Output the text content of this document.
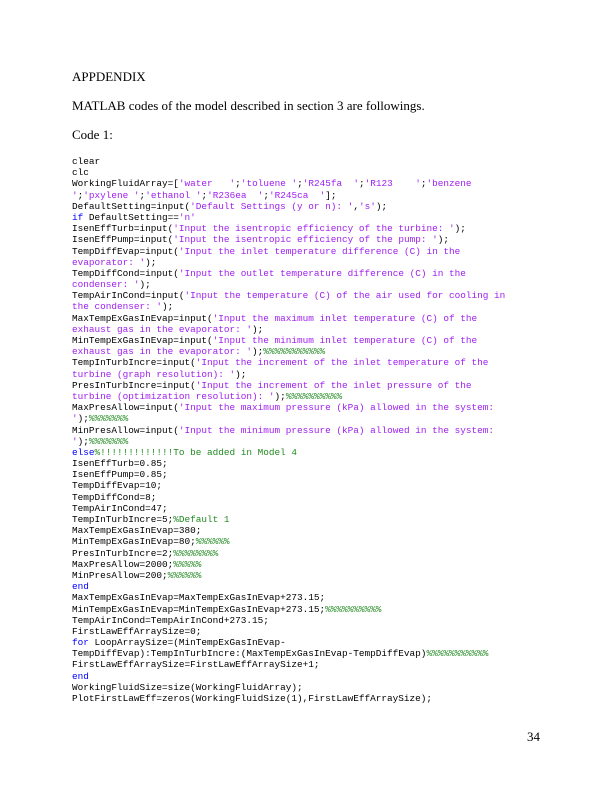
APPDENDIX
MATLAB codes of the model described in section 3 are followings.
Code 1:
clear
clc
WorkingFluidArray=['water   ';'toluene ';'R245fa  ';'R123    ';'benzene
';'pxylene ';'ethanol ';'R236ea  ';'R245ca  '];
DefaultSetting=input('Default Settings (y or n): ','s');
if DefaultSetting=='n'
IsenEffTurb=input('Input the isentropic efficiency of the turbine: ');
IsenEffPump=input('Input the isentropic efficiency of the pump: ');
TempDiffEvap=input('Input the inlet temperature difference (C) in the
evaporator: ');
TempDiffCond=input('Input the outlet temperature difference (C) in the
condenser: ');
TempAirInCond=input('Input the temperature (C) of the air used for cooling in
the condenser: ');
MaxTempExGasInEvap=input('Input the maximum inlet temperature (C) of the
exhaust gas in the evaporator: ');
MinTempExGasInEvap=input('Input the minimum inlet temperature (C) of the
exhaust gas in the evaporator: ');%%%%%%%%%%%
TempInTurbIncre=input('Input the increment of the inlet temperature of the
turbine (graph resolution): ');
PresInTurbIncre=input('Input the increment of the inlet pressure of the
turbine (optimization resolution): ');%%%%%%%%%%
MaxPresAllow=input('Input the maximum pressure (kPa) allowed in the system:
');%%%%%%%
MinPresAllow=input('Input the minimum pressure (kPa) allowed in the system:
');%%%%%%%
else%!!!!!!!!!!!!!To be added in Model 4
IsenEffTurb=0.85;
IsenEffPump=0.85;
TempDiffEvap=10;
TempDiffCond=8;
TempAirInCond=47;
TempInTurbIncre=5;%Default 1
MaxTempExGasInEvap=380;
MinTempExGasInEvap=80;%%%%%%
PresInTurbIncre=2;%%%%%%%%
MaxPresAllow=2000;%%%%%
MinPresAllow=200;%%%%%%
end
MaxTempExGasInEvap=MaxTempExGasInEvap+273.15;
MinTempExGasInEvap=MinTempExGasInEvap+273.15;%%%%%%%%%%
TempAirInCond=TempAirInCond+273.15;
FirstLawEffArraySize=0;
for LoopArraySize=(MinTempExGasInEvap-
TempDiffEvap):TempInTurbIncre:(MaxTempExGasInEvap-TempDiffEvap)%%%%%%%%%%%
FirstLawEffArraySize=FirstLawEffArraySize+1;
end
WorkingFluidSize=size(WorkingFluidArray);
PlotFirstLawEff=zeros(WorkingFluidSize(1),FirstLawEffArraySize);
34
